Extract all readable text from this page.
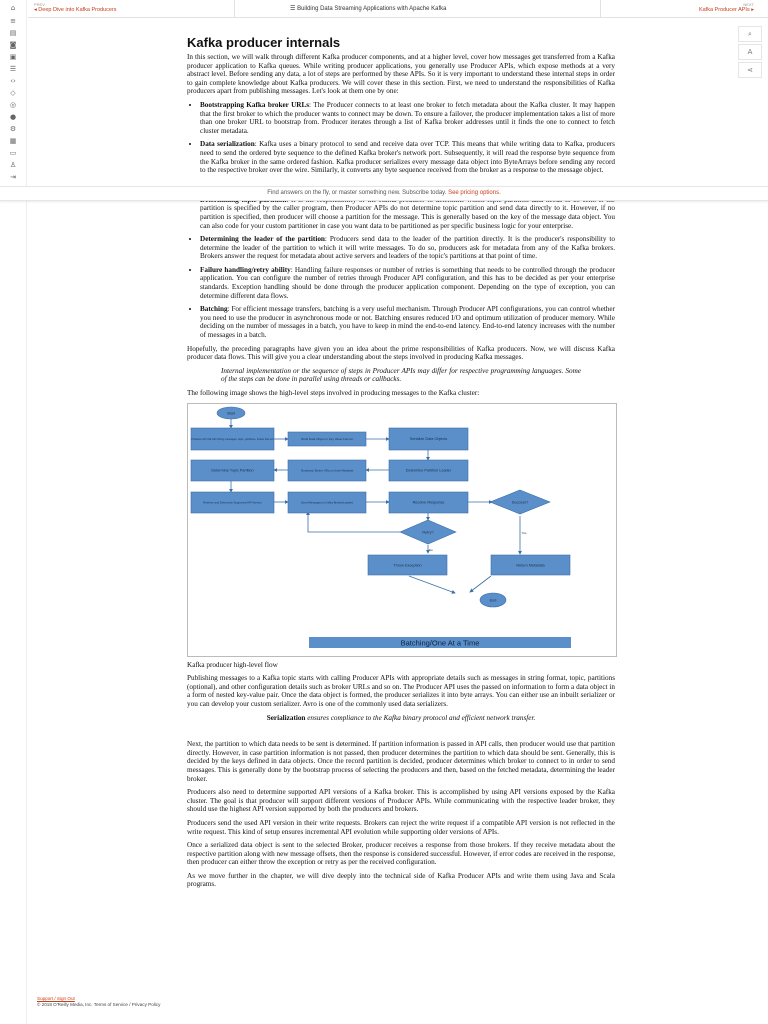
⌂
≡
▤
◙
▣
☰
‹›
◇
◎
●
⚙
▦
▭
♙
⇥
PREV
◂ Deep Dive into Kafka Producers	☰ Building Data Streaming Applications with Apache Kafka
NEXT
Kafka Producer APIs ▸
⌕
A
⋖
Find answers on the fly, or master something new. Subscribe today. See pricing options.
Kafka producer internals

In this section, we will walk through different Kafka producer components, and at a higher level, cover how messages get transferred from a Kafka producer application to Kafka queues. While writing producer applications, you generally use Producer APIs, which expose methods at a very abstract level. Before sending any data, a lot of steps are performed by these APIs. So it is very important to understand these internal steps in order to gain complete knowledge about Kafka producers. We will cover these in this section. First, we need to understand the responsibilities of Kafka producers apart from publishing messages. Let's look at them one by one:

• Bootstrapping Kafka broker URLs: The Producer connects to at least one broker to fetch metadata about the Kafka cluster. It may happen that the first broker to which the producer wants to connect may be down. To ensure a failover, the producer implementation takes a list of more than one broker URL to bootstrap from. Producer iterates through a list of Kafka broker addresses until it finds the one to connect to fetch cluster metadata.
• Data serialization: Kafka uses a binary protocol to send and receive data over TCP. This means that while writing data to Kafka, producers need to send the ordered byte sequence to the defined Kafka broker's network port. Subsequently, it will read the response byte sequence from the Kafka broker in the same ordered fashion. Kafka producer serializes every message data object into ByteArrays before sending any record to the respective broker over the wire. Similarly, it converts any byte sequence received from the broker as a response to the message object.
• partition is specified by the caller program, then Producer APIs do not determine topic partition and send data directly to it. However, if no partition is specified, then producer will choose a partition for the message. This is generally based on the key of the message data object. You can also code for your custom partitioner in case you want data to be partitioned as per specific business logic for your enterprise.
• Determining the leader of the partition: Producers send data to the leader of the partition directly. It is the producer's responsibility to determine the leader of the partition to which it will write messages. To do so, producers ask for metadata from any of the Kafka brokers. Brokers answer the request for metadata about active servers and leaders of the topic's partitions at that point of time.
• Failure handling/retry ability: Handling failure responses or number of retries is something that needs to be controlled through the producer application. You can configure the number of retries through Producer API configuration, and this has to be decided as per your enterprise standards. Exception handling should be done through the producer application component. Depending on the type of exception, you can determine different data flows.
• Batching: For efficient message transfers, batching is a very useful mechanism. Through Producer API configurations, you can control whether you need to use the producer in asynchronous mode or not. Batching ensures reduced I/O and optimum utilization of producer memory. While deciding on the number of messages in a batch, you have to keep in mind the end-to-end latency. End-to-end latency increases with the number of messages in a batch.

Hopefully, the preceding paragraphs have given you an idea about the prime responsibilities of Kafka producers. Now, we will discuss Kafka producer data flows. This will give you a clear understanding about the steps involved in producing Kafka messages.

Internal implementation or the sequence of steps in Producer APIs may differ for respective programming languages. Some of the steps can be done in parallel using threads or callbacks.

The following image shows the high-level steps involved in producing messages to the Kafka cluster:

Start
Producer API call with String messages, topic, partitions, broker lists etc	Build Data Object in Key Value Format	Serialize Data Objects
Determine Topic Partition	'Bootstrap' Broker URLs to fetch Metadata	Determine Partition Leader
Retrieve and Determine Supported API Version	Send Messages to Kafka Broker(Leader)	Receive Response	Success?
Retry?
Throw Exception	Return Metadata
End
Yes
No
Batching/One At a Time

Kafka producer high-level flow

Publishing messages to a Kafka topic starts with calling Producer APIs with appropriate details such as messages in string format, topic, partitions (optional), and other configuration details such as broker URLs and so on. The Producer API uses the passed on information to form a data object in a form of nested key-value pair. Once the data object is formed, the producer serializes it into byte arrays. You can either use an inbuilt serializer or you can develop your custom serializer. Avro is one of the commonly used data serializers.

Serialization ensures compliance to the Kafka binary protocol and efficient network transfer.

Next, the partition to which data needs to be sent is determined. If partition information is passed in API calls, then producer would use that partition directly. However, in case partition information is not passed, then producer determines the partition to which data should be sent. Generally, this is decided by the keys defined in data objects. Once the record partition is decided, producer determines which broker to connect to in order to send messages. This is generally done by the bootstrap process of selecting the producers and then, based on the fetched metadata, determining the leader broker.

Producers also need to determine supported API versions of a Kafka broker. This is accomplished by using API versions exposed by the Kafka cluster. The goal is that producer will support different versions of Producer APIs. While communicating with the respective leader broker, they should use the highest API version supported by both the producers and brokers.

Producers send the used API version in their write requests. Brokers can reject the write request if a compatible API version is not reflected in the write request. This kind of setup ensures incremental API evolution while supporting older versions of APIs.

Once a serialized data object is sent to the selected Broker, producer receives a response from those brokers. If they receive metadata about the respective partition along with new message offsets, then the response is considered successful. However, if error codes are received in the response, then producer can either throw the exception or retry as per the received configuration.

As we move further in the chapter, we will dive deeply into the technical side of Kafka Producer APIs and write them using Java and Scala programs.

Support / Sign Out
© 2018 O'Reilly Media, Inc. Terms of Service / Privacy Policy
